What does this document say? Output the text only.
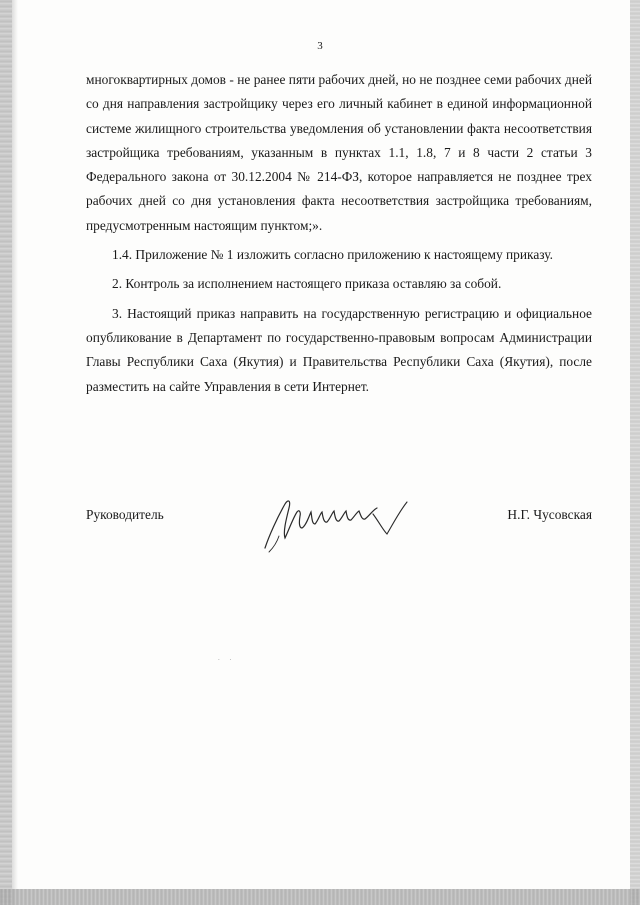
3

многоквартирных домов - не ранее пяти рабочих дней, но не позднее семи рабочих дней со дня направления застройщику через его личный кабинет в единой информационной системе жилищного строительства уведомления об установлении факта несоответствия застройщика требованиям, указанным в пунктах 1.1, 1.8, 7 и 8 части 2 статьи 3 Федерального закона от 30.12.2004 № 214-ФЗ, которое направляется не позднее трех рабочих дней со дня установления факта несоответствия застройщика требованиям, предусмотренным настоящим пунктом;».

1.4. Приложение № 1 изложить согласно приложению к настоящему приказу.

2. Контроль за исполнением настоящего приказа оставляю за собой.

3. Настоящий приказ направить на государственную регистрацию и официальное опубликование в Департамент по государственно-правовым вопросам Администрации Главы Республики Саха (Якутия) и Правительства Республики Саха (Якутия), после разместить на сайте Управления в сети Интернет.

Руководитель	Н.Г. Чусовская
. .
